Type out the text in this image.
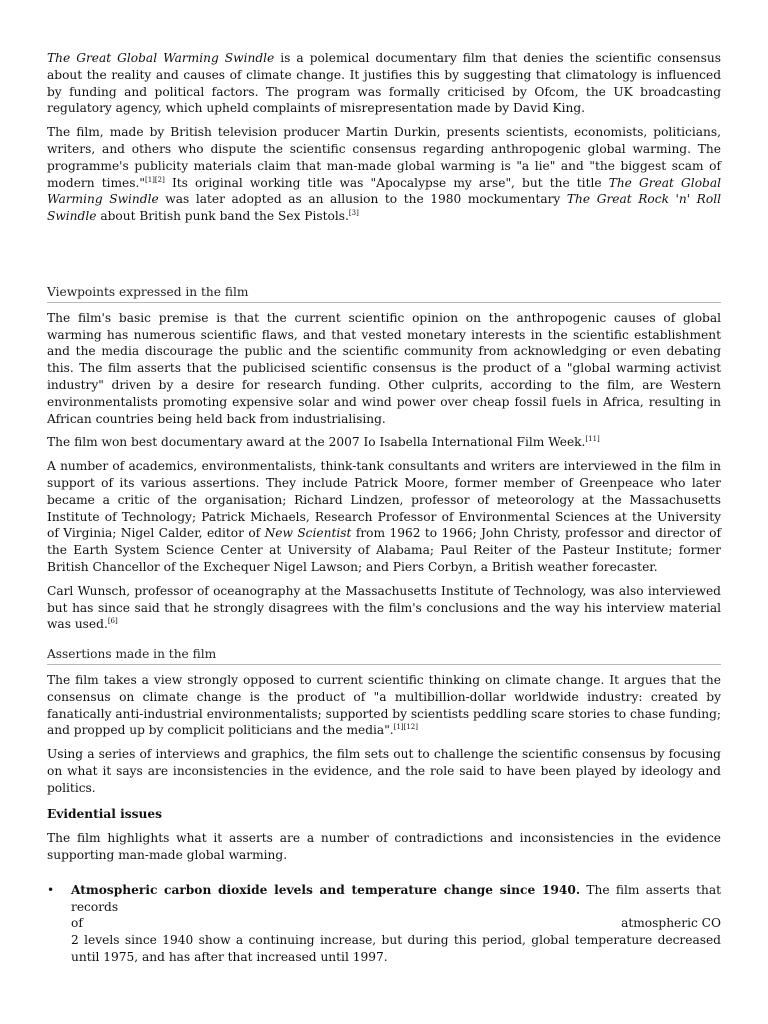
The Great Global Warming Swindle is a polemical documentary film that denies the scientific consensus about the reality and causes of climate change. It justifies this by suggesting that climatology is influenced by funding and political factors. The program was formally criticised by Ofcom, the UK broadcasting regulatory agency, which upheld complaints of misrepresentation made by David King.

The film, made by British television producer Martin Durkin, presents scientists, economists, politicians, writers, and others who dispute the scientific consensus regarding anthropogenic global warming. The programme's publicity materials claim that man-made global warming is "a lie" and "the biggest scam of modern times."[1][2] Its original working title was "Apocalypse my arse", but the title The Great Global Warming Swindle was later adopted as an allusion to the 1980 mockumentary The Great Rock 'n' Roll Swindle about British punk band the Sex Pistols.[3]

Viewpoints expressed in the film

The film's basic premise is that the current scientific opinion on the anthropogenic causes of global warming has numerous scientific flaws, and that vested monetary interests in the scientific establishment and the media discourage the public and the scientific community from acknowledging or even debating this. The film asserts that the publicised scientific consensus is the product of a "global warming activist industry" driven by a desire for research funding. Other culprits, according to the film, are Western environmentalists promoting expensive solar and wind power over cheap fossil fuels in Africa, resulting in African countries being held back from industrialising.

The film won best documentary award at the 2007 Io Isabella International Film Week.[11]

A number of academics, environmentalists, think-tank consultants and writers are interviewed in the film in support of its various assertions. They include Patrick Moore, former member of Greenpeace who later became a critic of the organisation; Richard Lindzen, professor of meteorology at the Massachusetts Institute of Technology; Patrick Michaels, Research Professor of Environmental Sciences at the University of Virginia; Nigel Calder, editor of New Scientist from 1962 to 1966; John Christy, professor and director of the Earth System Science Center at University of Alabama; Paul Reiter of the Pasteur Institute; former British Chancellor of the Exchequer Nigel Lawson; and Piers Corbyn, a British weather forecaster.

Carl Wunsch, professor of oceanography at the Massachusetts Institute of Technology, was also interviewed but has since said that he strongly disagrees with the film's conclusions and the way his interview material was used.[6]

Assertions made in the film

The film takes a view strongly opposed to current scientific thinking on climate change. It argues that the consensus on climate change is the product of "a multibillion-dollar worldwide industry: created by fanatically anti-industrial environmentalists; supported by scientists peddling scare stories to chase funding; and propped up by complicit politicians and the media".[1][12]

Using a series of interviews and graphics, the film sets out to challenge the scientific consensus by focusing on what it says are inconsistencies in the evidence, and the role said to have been played by ideology and politics.

Evidential issues

The film highlights what it asserts are a number of contradictions and inconsistencies in the evidence supporting man-made global warming.

• Atmospheric carbon dioxide levels and temperature change since 1940. The film asserts that records
of	atmospheric CO
2 levels since 1940 show a continuing increase, but during this period, global temperature decreased until 1975, and has after that increased until 1997.
